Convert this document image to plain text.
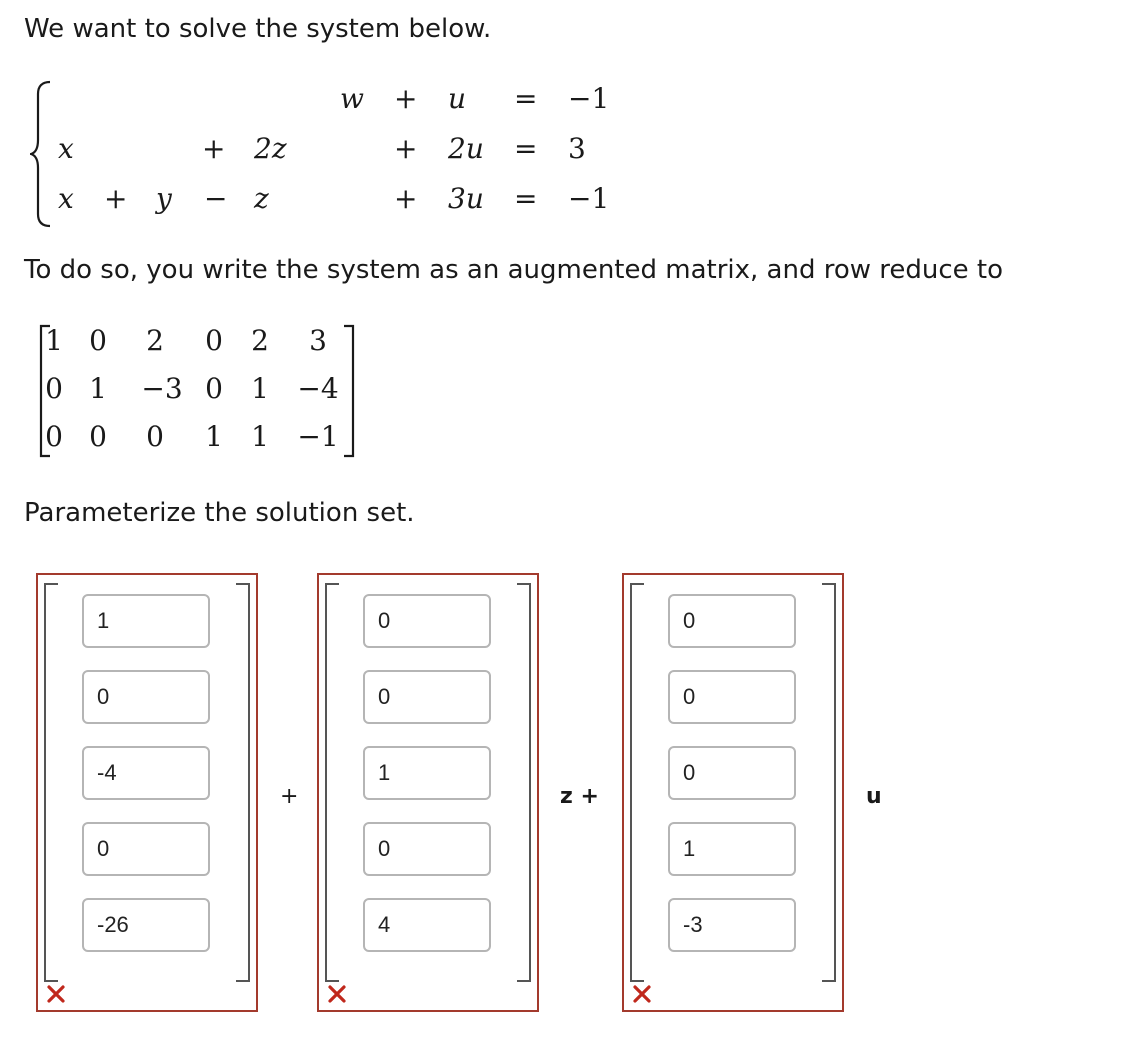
We want to solve the system below.
w + u = −1
x	+ 2z	+ 2u = 3
x + y − z	+ 3u = −1
To do so, you write the system as an augmented matrix, and row reduce to
1 0	2	0 2	3
0 1	−3 0 1 −4
0 0	0	1 1 −1
Parameterize the solution set.
1
0
-4
0
-26
+
0
0
1
0
4	z +
0
0
0
1
-3	u
